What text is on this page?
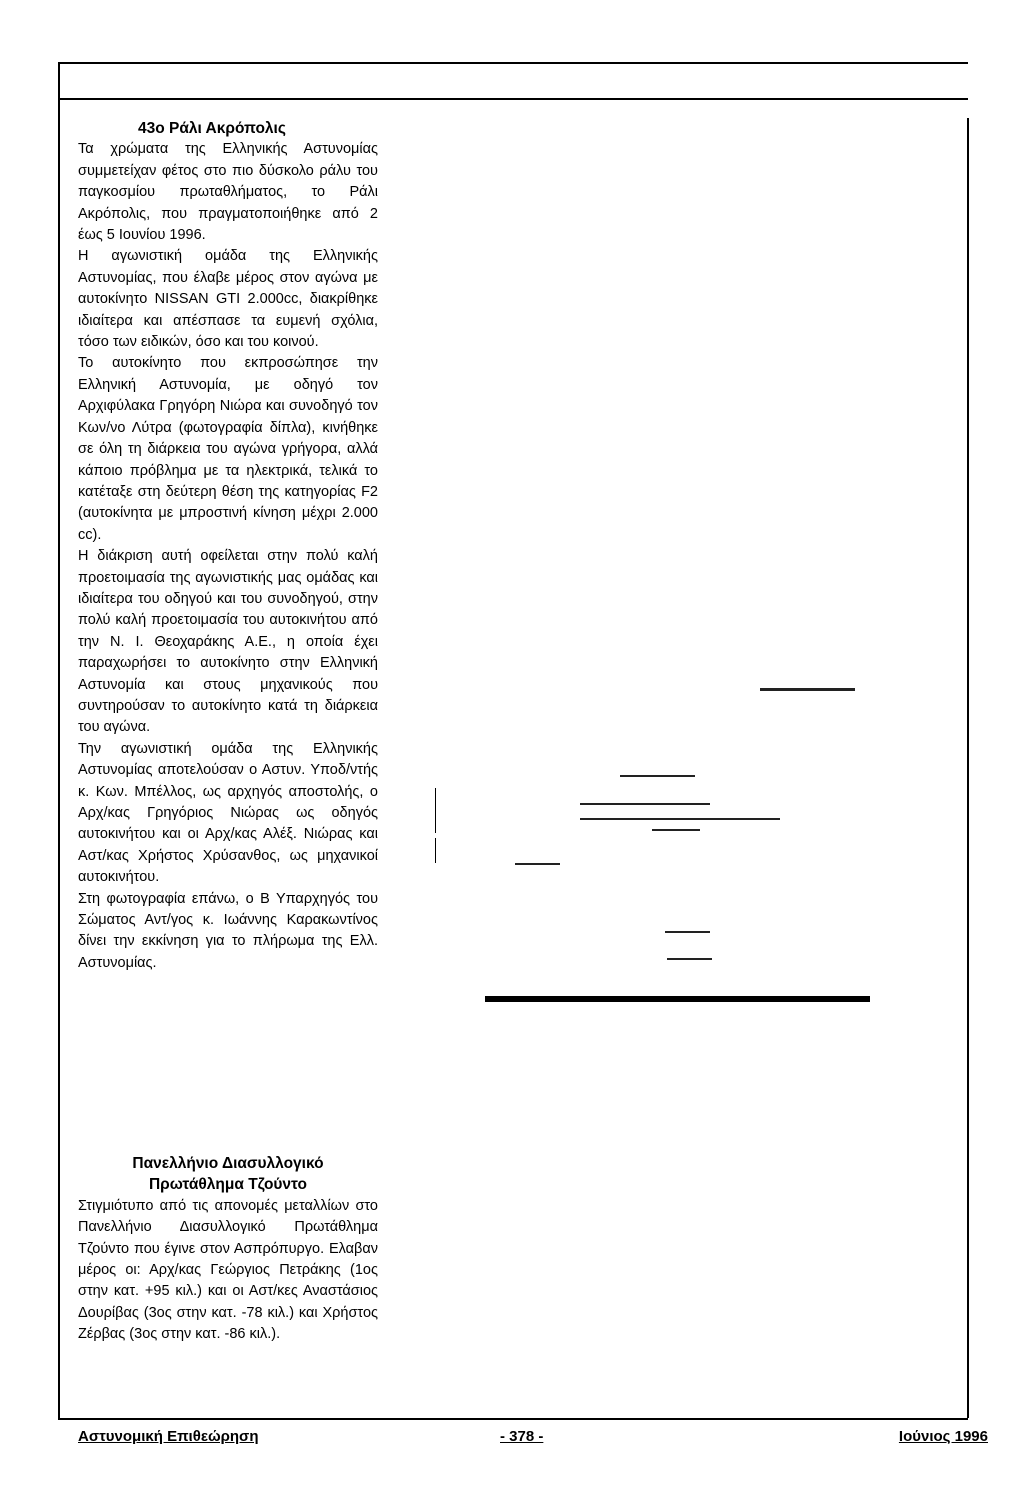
43ο Ράλι Ακρόπολις

Τα χρώματα της Ελληνικής Αστυνομίας συμμετείχαν φέτος στο πιο δύσκολο ράλυ του παγκοσμίου πρωταθλήματος, το Ράλι Ακρόπολις, που πραγματοποιήθηκε από 2 έως 5 Ιουνίου 1996.

Η αγωνιστική ομάδα της Ελληνικής Αστυνομίας, που έλαβε μέρος στον αγώνα με αυτοκίνητο NISSAN GTI 2.000cc, διακρίθηκε ιδιαίτερα και απέσπασε τα ευμενή σχόλια, τόσο των ειδικών, όσο και του κοινού.

Το αυτοκίνητο που εκπροσώπησε την Ελληνική Αστυνομία, με οδηγό τον Αρχιφύλακα Γρηγόρη Νιώρα και συνοδηγό τον Κων/νο Λύτρα (φωτογραφία δίπλα), κινήθηκε σε όλη τη διάρκεια του αγώνα γρήγορα, αλλά κάποιο πρόβλημα με τα ηλεκτρικά, τελικά το κατέταξε στη δεύτερη θέση της κατηγορίας F2 (αυτοκίνητα με μπροστινή κίνηση μέχρι 2.000 cc).

Η διάκριση αυτή οφείλεται στην πολύ καλή προετοιμασία της αγωνιστικής μας ομάδας και ιδιαίτερα του οδηγού και του συνοδηγού, στην πολύ καλή προετοιμασία του αυτοκινήτου από την Ν. Ι. Θεοχαράκης Α.Ε., η οποία έχει παραχωρήσει το αυτοκίνητο στην Ελληνική Αστυνομία και στους μηχανικούς που συντηρούσαν το αυτοκίνητο κατά τη διάρκεια του αγώνα.

Την αγωνιστική ομάδα της Ελληνικής Αστυνομίας αποτελούσαν ο Αστυν. Υποδ/ντής κ. Κων. Μπέλλος, ως αρχηγός αποστολής, ο Αρχ/κας Γρηγόριος Νιώρας ως οδηγός αυτοκινήτου και οι Αρχ/κας Αλέξ. Νιώρας και Αστ/κας Χρήστος Χρύσανθος, ως μηχανικοί αυτοκινήτου.

Στη φωτογραφία επάνω, ο Β Υπαρχηγός του Σώματος Αντ/γος κ. Ιωάννης Καρακωντίνος δίνει την εκκίνηση για το πλήρωμα της Ελλ. Αστυνομίας.

Πανελλήνιο Διασυλλογικό

Πρωτάθλημα Τζούντο

Στιγμιότυπο από τις απονομές μεταλλίων στο Πανελλήνιο Διασυλλογικό Πρωτάθλημα Τζούντο που έγινε στον Ασπρόπυργο. Ελαβαν μέρος οι: Αρχ/κας Γεώργιος Πετράκης (1ος στην κατ. +95 κιλ.) και οι Αστ/κες Αναστάσιος Δουρίβας (3ος στην κατ. -78 κιλ.) και Χρήστος Ζέρβας (3ος στην κατ. -86 κιλ.).

Αστυνομική Επιθεώρηση	- 378 -	Ιούνιος 1996
